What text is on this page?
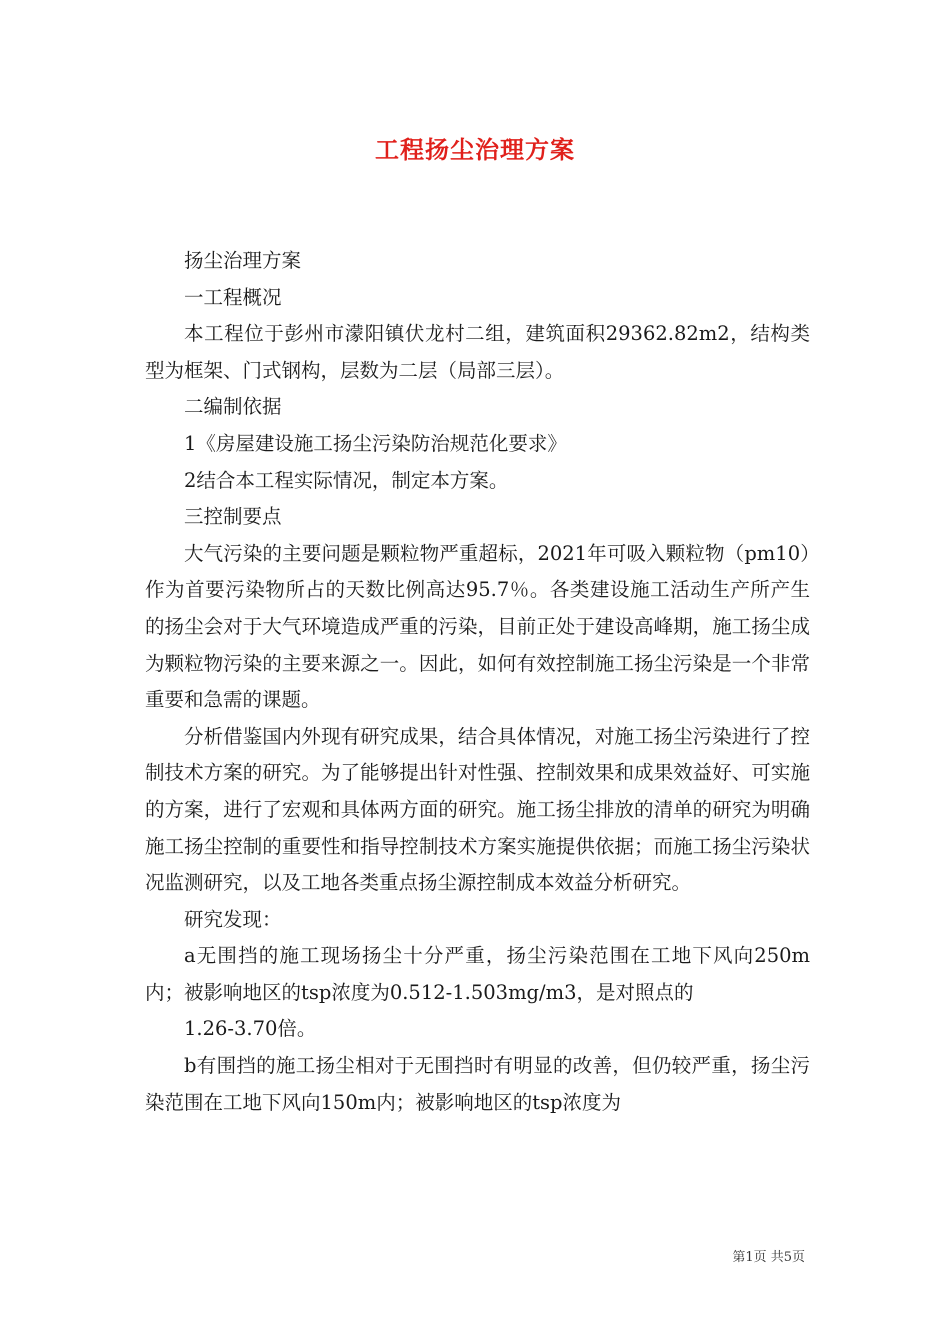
工程扬尘治理方案

扬尘治理方案

一工程概况

本工程位于彭州市濛阳镇伏龙村二组，建筑面积29362.82m2，结构类型为框架、门式钢构，层数为二层（局部三层）。

二编制依据

1《房屋建设施工扬尘污染防治规范化要求》

2结合本工程实际情况，制定本方案。

三控制要点

大气污染的主要问题是颗粒物严重超标，2021年可吸入颗粒物（pm10）作为首要污染物所占的天数比例高达95.7％。各类建设施工活动生产所产生的扬尘会对于大气环境造成严重的污染，目前正处于建设高峰期，施工扬尘成为颗粒物污染的主要来源之一。因此，如何有效控制施工扬尘污染是一个非常重要和急需的课题。

分析借鉴国内外现有研究成果，结合具体情况，对施工扬尘污染进行了控制技术方案的研究。为了能够提出针对性强、控制效果和成果效益好、可实施的方案，进行了宏观和具体两方面的研究。施工扬尘排放的清单的研究为明确施工扬尘控制的重要性和指导控制技术方案实施提供依据；而施工扬尘污染状况监测研究，以及工地各类重点扬尘源控制成本效益分析研究。

研究发现：

a无围挡的施工现场扬尘十分严重，扬尘污染范围在工地下风向250m内；被影响地区的tsp浓度为0.512-1.503mg/m3，是对照点的

1.26-3.70倍。

b有围挡的施工扬尘相对于无围挡时有明显的改善，但仍较严重，扬尘污染范围在工地下风向150m内；被影响地区的tsp浓度为

第1页 共5页
